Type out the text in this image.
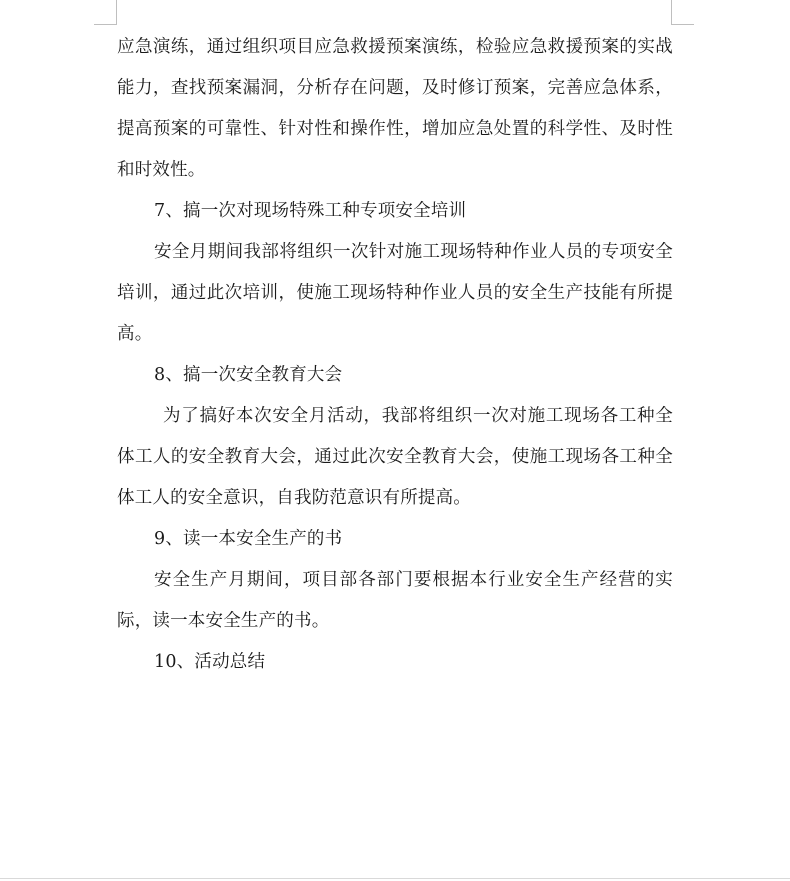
应急演练，通过组织项目应急救援预案演练，检验应急救援预案的实战能力，查找预案漏洞，分析存在问题，及时修订预案，完善应急体系，提高预案的可靠性、针对性和操作性，增加应急处置的科学性、及时性和时效性。

7、搞一次对现场特殊工种专项安全培训

安全月期间我部将组织一次针对施工现场特种作业人员的专项安全培训，通过此次培训，使施工现场特种作业人员的安全生产技能有所提高。

8、搞一次安全教育大会

为了搞好本次安全月活动，我部将组织一次对施工现场各工种全体工人的安全教育大会，通过此次安全教育大会，使施工现场各工种全体工人的安全意识，自我防范意识有所提高。

9、读一本安全生产的书

安全生产月期间，项目部各部门要根据本行业安全生产经营的实际，读一本安全生产的书。

10、活动总结
